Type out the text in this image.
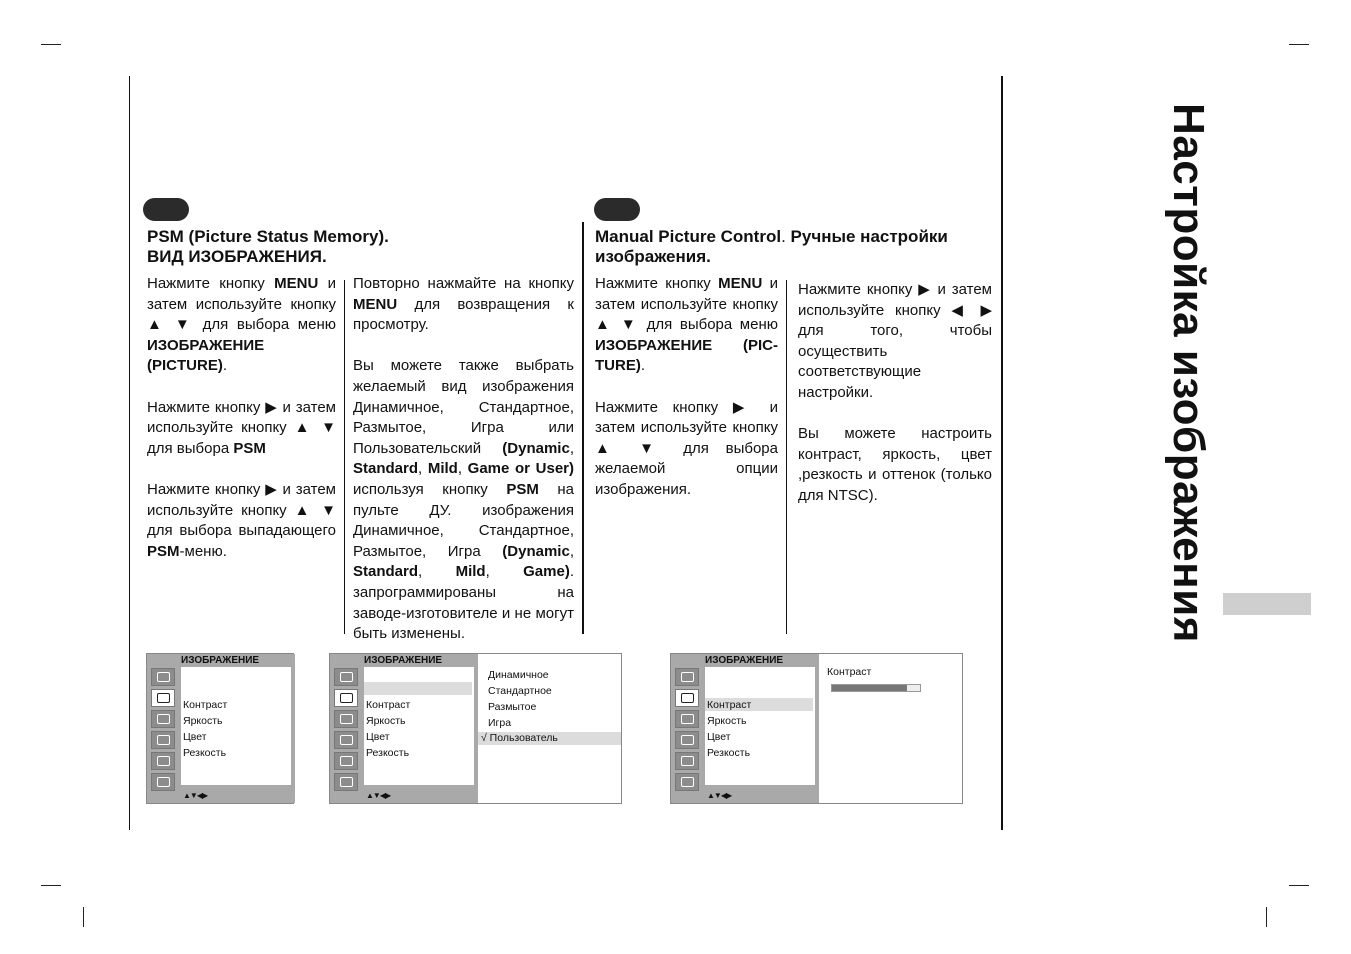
PSM (Picture Status Memory).
ВИД ИЗОБРАЖЕНИЯ.
Manual Picture Control. Ручные настройки изображения.

Нажмите кнопку MENU и затем используйте кнопку ▲ ▼ для выбора меню ИЗОБРАЖЕНИЕ (PICTURE).

Нажмите кнопку ▶ и затем используйте кнопку ▲ ▼ для выбора PSM

Нажмите кнопку ▶ и затем используйте кнопку ▲ ▼ для выбора выпадающего PSM-меню.

Повторно нажмайте на кнопку MENU для возвращения к просмотру.

Вы можете также выбрать желаемый вид изображения Динамичное, Стандартное, Размытое, Игра или Пользовательский (Dynamic, Standard, Mild, Game or User) используя кнопку PSM на пульте ДУ. изображения Динамичное, Стандартное, Размытое, Игра (Dynamic, Standard, Mild, Game). запрограммированы на заводе-изготовителе и не могут быть изменены.

Нажмите кнопку MENU и затем используйте кнопку ▲ ▼ для выбора меню ИЗОБРАЖЕНИЕ (PIC-TURE).

Нажмите кнопку ▶ и затем используйте кнопку ▲ ▼ для выбора желаемой опции изображения.

Нажмите кнопку ▶ и затем используйте кнопку ◀ ▶ для того, чтобы осуществить соответствующие настройки.

Вы можете настроить контраст, яркость, цвет ,резкость и оттенок (только для NTSC).	Настройка изображения
ИЗОБРАЖЕНИЕ
Контраст
Яркость
Цвет
Резкость
▲▼◀▶
ИЗОБРАЖЕНИЕ
Контраст
Яркость
Цвет
Резкость
▲▼◀▶
Динамичное
Стандартное
Размытое
Игра
√ Пользователь
ИЗОБРАЖЕНИЕ
Контраст
Яркость
Цвет
Резкость
▲▼◀▶
Контраст
